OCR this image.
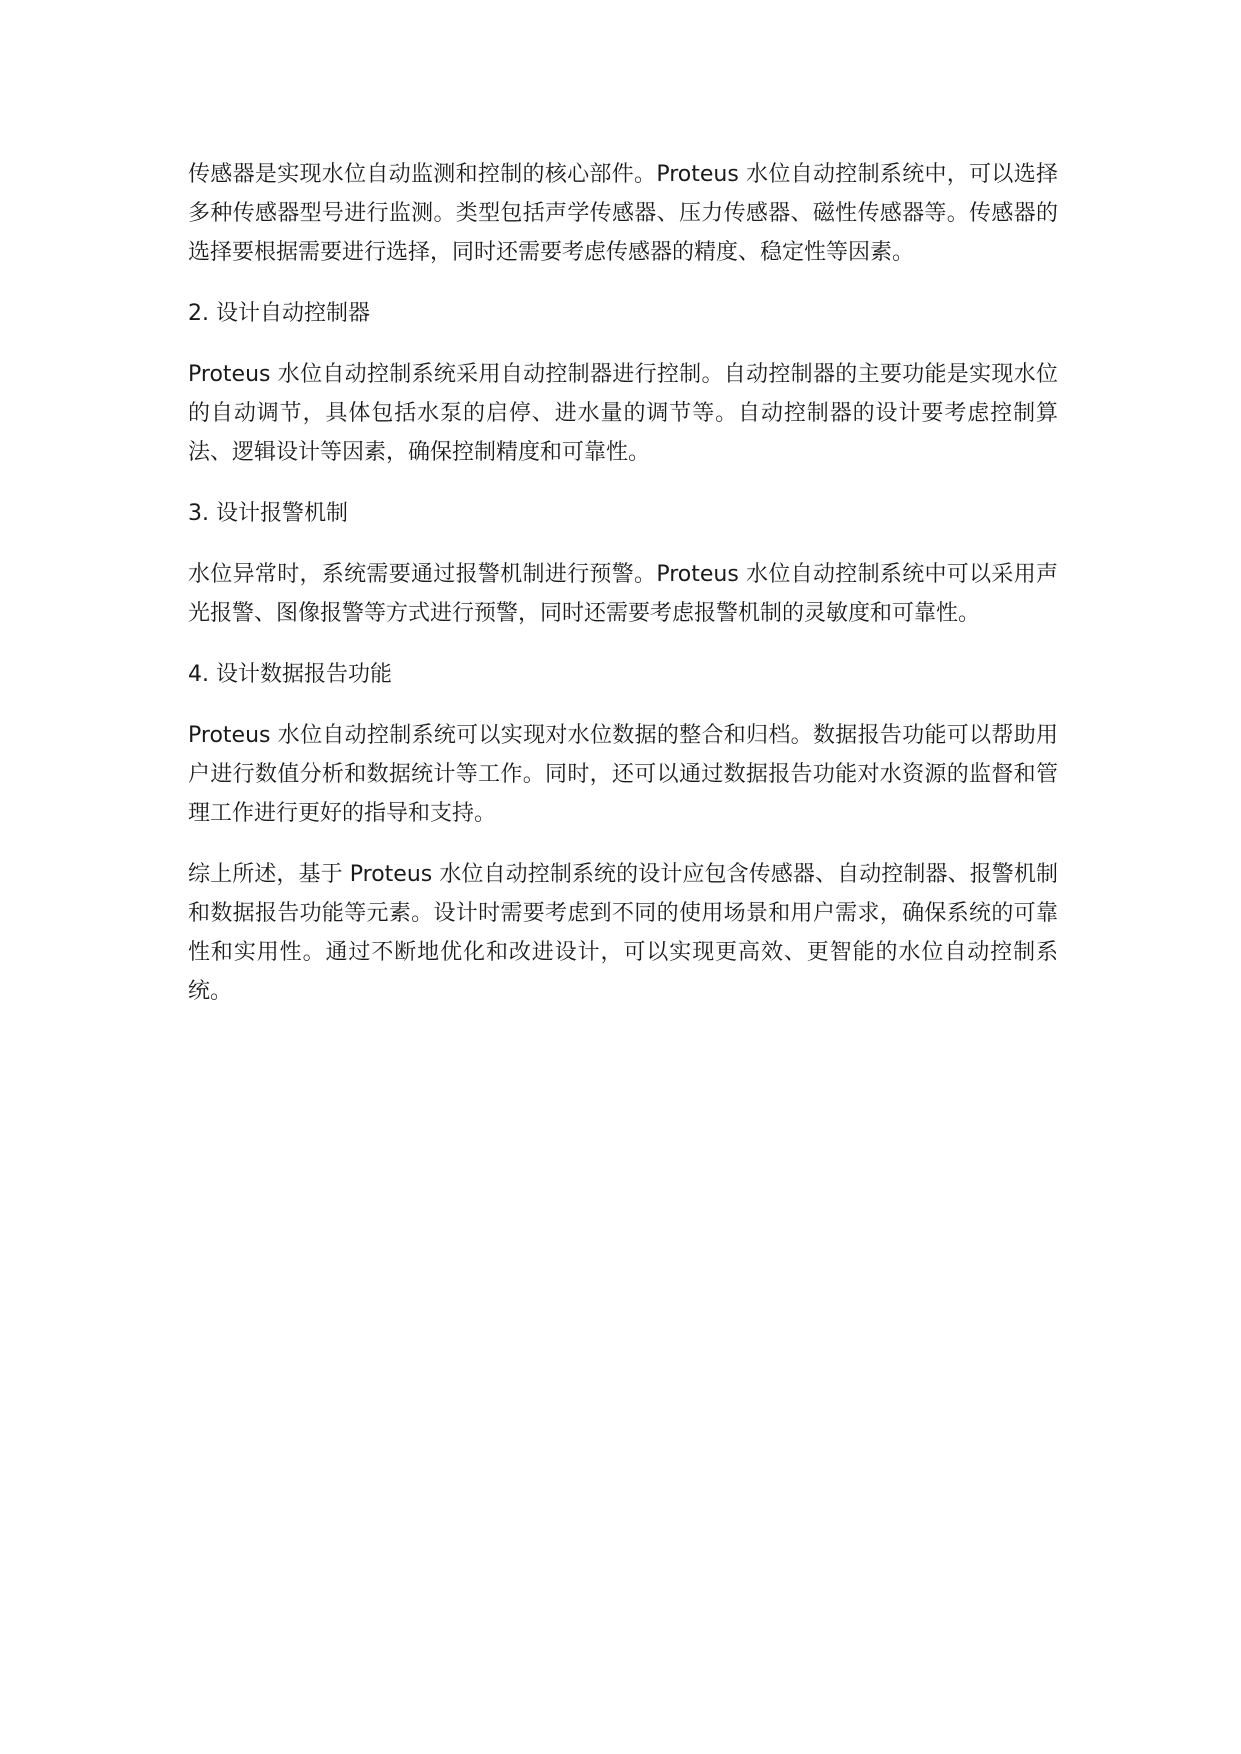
传感器是实现水位自动监测和控制的核心部件。Proteus 水位自动控制系统中，可以选择多种传感器型号进行监测。类型包括声学传感器、压力传感器、磁性传感器等。传感器的选择要根据需要进行选择，同时还需要考虑传感器的精度、稳定性等因素。

2. 设计自动控制器

Proteus 水位自动控制系统采用自动控制器进行控制。自动控制器的主要功能是实现水位的自动调节，具体包括水泵的启停、进水量的调节等。自动控制器的设计要考虑控制算法、逻辑设计等因素，确保控制精度和可靠性。

3. 设计报警机制

水位异常时，系统需要通过报警机制进行预警。Proteus 水位自动控制系统中可以采用声光报警、图像报警等方式进行预警，同时还需要考虑报警机制的灵敏度和可靠性。

4. 设计数据报告功能

Proteus 水位自动控制系统可以实现对水位数据的整合和归档。数据报告功能可以帮助用户进行数值分析和数据统计等工作。同时，还可以通过数据报告功能对水资源的监督和管理工作进行更好的指导和支持。

综上所述，基于 Proteus 水位自动控制系统的设计应包含传感器、自动控制器、报警机制和数据报告功能等元素。设计时需要考虑到不同的使用场景和用户需求，确保系统的可靠性和实用性。通过不断地优化和改进设计，可以实现更高效、更智能的水位自动控制系统。
